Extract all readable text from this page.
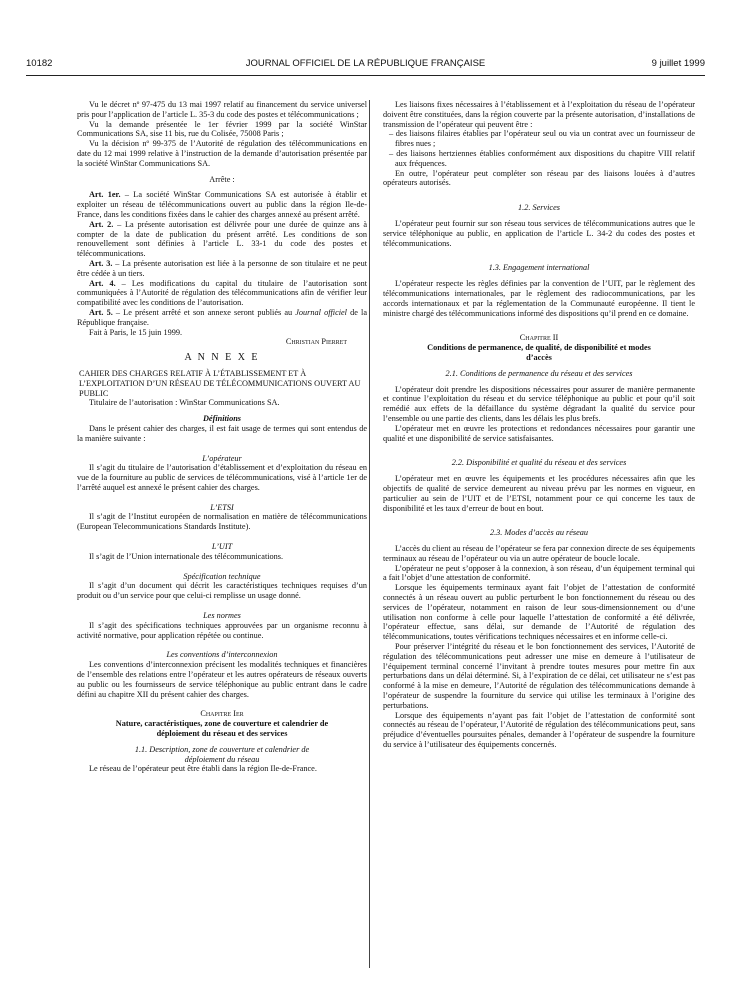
10182	JOURNAL OFFICIEL DE LA RÉPUBLIQUE FRANÇAISE	9 juillet 1999

Vu le décret nº 97-475 du 13 mai 1997 relatif au financement du service universel pris pour l’application de l’article L. 35-3 du code des postes et télécommunications ;

Vu la demande présentée le 1er février 1999 par la société WinStar Communications SA, sise 11 bis, rue du Colisée, 75008 Paris ;

Vu la décision nº 99-375 de l’Autorité de régulation des télécommunications en date du 12 mai 1999 relative à l’instruction de la demande d’autorisation présentée par la société WinStar Communications SA.

Arrête :

Art. 1er. – La société WinStar Communications SA est autorisée à établir et exploiter un réseau de télécommunications ouvert au public dans la région Ile-de-France, dans les conditions fixées dans le cahier des charges annexé au présent arrêté.

Art. 2. – La présente autorisation est délivrée pour une durée de quinze ans à compter de la date de publication du présent arrêté. Les conditions de son renouvellement sont définies à l’article L. 33-1 du code des postes et télécommunications.

Art. 3. – La présente autorisation est liée à la personne de son titulaire et ne peut être cédée à un tiers.

Art. 4. – Les modifications du capital du titulaire de l’autorisation sont communiquées à l’Autorité de régulation des télécommunications afin de vérifier leur compatibilité avec les conditions de l’autorisation.

Art. 5. – Le présent arrêté et son annexe seront publiés au Journal officiel de la République française.

Fait à Paris, le 15 juin 1999.

Christian Pierret

A N N E X E

CAHIER DES CHARGES RELATIF À L’ÉTABLISSEMENT ET À L’EXPLOITATION D’UN RÉSEAU DE TÉLÉCOMMUNICATIONS OUVERT AU PUBLIC

Titulaire de l’autorisation : WinStar Communications SA.

Définitions

Dans le présent cahier des charges, il est fait usage de termes qui sont entendus de la manière suivante :

L’opérateur

Il s’agit du titulaire de l’autorisation d’établissement et d’exploitation du réseau en vue de la fourniture au public de services de télécommunications, visé à l’article 1er de l’arrêté auquel est annexé le présent cahier des charges.

L’ETSI

Il s’agit de l’Institut européen de normalisation en matière de télécommunications (European Telecommunications Standards Institute).

L’UIT

Il s’agit de l’Union internationale des télécommunications.

Spécification technique

Il s’agit d’un document qui décrit les caractéristiques techniques requises d’un produit ou d’un service pour que celui-ci remplisse un usage donné.

Les normes

Il s’agit des spécifications techniques approuvées par un organisme reconnu à activité normative, pour application répétée ou continue.

Les conventions d’interconnexion

Les conventions d’interconnexion précisent les modalités techniques et financières de l’ensemble des relations entre l’opérateur et les autres opérateurs de réseaux ouverts au public ou les fournisseurs de service téléphonique au public entrant dans le cadre défini au chapitre XII du présent cahier des charges.

Chapitre Ier

Nature, caractéristiques, zone de couverture et calendrier de déploiement du réseau et des services

1.1. Description, zone de couverture et calendrier de déploiement du réseau

Le réseau de l’opérateur peut être établi dans la région Ile-de-France.

Les liaisons fixes nécessaires à l’établissement et à l’exploitation du réseau de l’opérateur doivent être constituées, dans la région couverte par la présente autorisation, d’installations de transmission de l’opérateur qui peuvent être :

– des liaisons filaires établies par l’opérateur seul ou via un contrat avec un fournisseur de fibres nues ;

– des liaisons hertziennes établies conformément aux dispositions du chapitre VIII relatif aux fréquences.

En outre, l’opérateur peut compléter son réseau par des liaisons louées à d’autres opérateurs autorisés.

1.2. Services

L’opérateur peut fournir sur son réseau tous services de télécommunications autres que le service téléphonique au public, en application de l’article L. 34-2 du codes des postes et télécommunications.

1.3. Engagement international

L’opérateur respecte les règles définies par la convention de l’UIT, par le règlement des télécommunications internationales, par le règlement des radiocommunications, par les accords internationaux et par la réglementation de la Communauté européenne. Il tient le ministre chargé des télécommunications informé des dispositions qu’il prend en ce domaine.

Chapitre II

Conditions de permanence, de qualité, de disponibilité et modes d’accès

2.1. Conditions de permanence du réseau et des services

L’opérateur doit prendre les dispositions nécessaires pour assurer de manière permanente et continue l’exploitation du réseau et du service téléphonique au public et pour qu’il soit remédié aux effets de la défaillance du système dégradant la qualité du service pour l’ensemble ou une partie des clients, dans les délais les plus brefs.

L’opérateur met en œuvre les protections et redondances nécessaires pour garantir une qualité et une disponibilité de service satisfaisantes.

2.2. Disponibilité et qualité du réseau et des services

L’opérateur met en œuvre les équipements et les procédures nécessaires afin que les objectifs de qualité de service demeurent au niveau prévu par les normes en vigueur, en particulier au sein de l’UIT et de l’ETSI, notamment pour ce qui concerne les taux de disponibilité et les taux d’erreur de bout en bout.

2.3. Modes d’accès au réseau

L’accès du client au réseau de l’opérateur se fera par connexion directe de ses équipements terminaux au réseau de l’opérateur ou via un autre opérateur de boucle locale.

L’opérateur ne peut s’opposer à la connexion, à son réseau, d’un équipement terminal qui a fait l’objet d’une attestation de conformité.

Lorsque les équipements terminaux ayant fait l’objet de l’attestation de conformité connectés à un réseau ouvert au public perturbent le bon fonctionnement du réseau ou des services de l’opérateur, notamment en raison de leur sous-dimensionnement ou d’une utilisation non conforme à celle pour laquelle l’attestation de conformité a été délivrée, l’opérateur effectue, sans délai, sur demande de l’Autorité de régulation des télécommunications, toutes vérifications techniques nécessaires et en informe celle-ci.

Pour préserver l’intégrité du réseau et le bon fonctionnement des services, l’Autorité de régulation des télécommunications peut adresser une mise en demeure à l’utilisateur de l’équipement terminal concerné l’invitant à prendre toutes mesures pour mettre fin aux perturbations dans un délai déterminé. Si, à l’expiration de ce délai, cet utilisateur ne s’est pas conformé à la mise en demeure, l’Autorité de régulation des télécommunications demande à l’opérateur de suspendre la fourniture du service qui utilise les terminaux à l’origine des perturbations.

Lorsque des équipements n’ayant pas fait l’objet de l’attestation de conformité sont connectés au réseau de l’opérateur, l’Autorité de régulation des télécommunications peut, sans préjudice d’éventuelles poursuites pénales, demander à l’opérateur de suspendre la fourniture du service à l’utilisateur des équipements concernés.
